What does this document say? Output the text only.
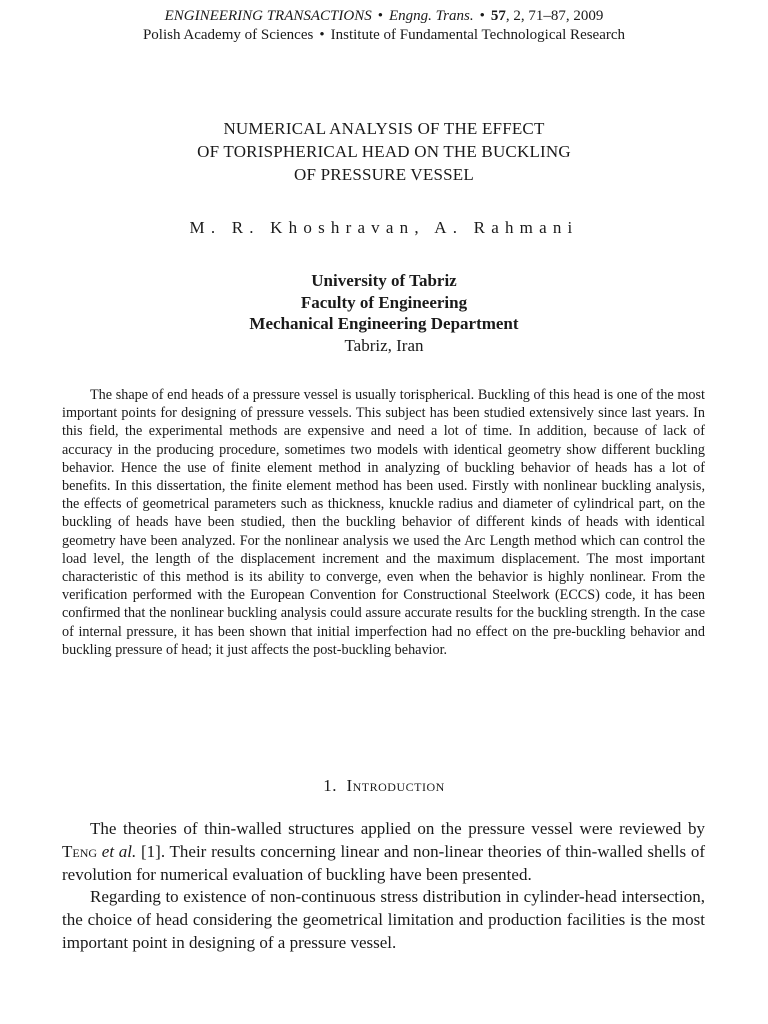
ENGINEERING TRANSACTIONS • Engng. Trans. • 57, 2, 71–87, 2009
Polish Academy of Sciences • Institute of Fundamental Technological Research
NUMERICAL ANALYSIS OF THE EFFECT
OF TORISPHERICAL HEAD ON THE BUCKLING
OF PRESSURE VESSEL
M. R. Khoshravan, A. Rahmani
University of Tabriz
Faculty of Engineering
Mechanical Engineering Department
Tabriz, Iran

The shape of end heads of a pressure vessel is usually torispherical. Buckling of this head is one of the most important points for designing of pressure vessels. This subject has been studied extensively since last years. In this field, the experimental methods are expensive and need a lot of time. In addition, because of lack of accuracy in the producing procedure, sometimes two models with identical geometry show different buckling behavior. Hence the use of finite element method in analyzing of buckling behavior of heads has a lot of benefits. In this dissertation, the finite element method has been used. Firstly with nonlinear buckling analysis, the effects of geometrical parameters such as thickness, knuckle radius and diameter of cylindrical part, on the buckling of heads have been studied, then the buckling behavior of different kinds of heads with identical geometry have been analyzed. For the nonlinear analysis we used the Arc Length method which can control the load level, the length of the displacement increment and the maximum displacement. The most important characteristic of this method is its ability to converge, even when the behavior is highly nonlinear. From the verification performed with the European Convention for Constructional Steelwork (ECCS) code, it has been confirmed that the nonlinear buckling analysis could assure accurate results for the buckling strength. In the case of internal pressure, it has been shown that initial imperfection had no effect on the pre-buckling behavior and buckling pressure of head; it just affects the post-buckling behavior.

1. Introduction

The theories of thin-walled structures applied on the pressure vessel were reviewed by Teng et al. [1]. Their results concerning linear and non-linear theories of thin-walled shells of revolution for numerical evaluation of buckling have been presented.

Regarding to existence of non-continuous stress distribution in cylinder-head intersection, the choice of head considering the geometrical limitation and production facilities is the most important point in designing of a pressure vessel.
